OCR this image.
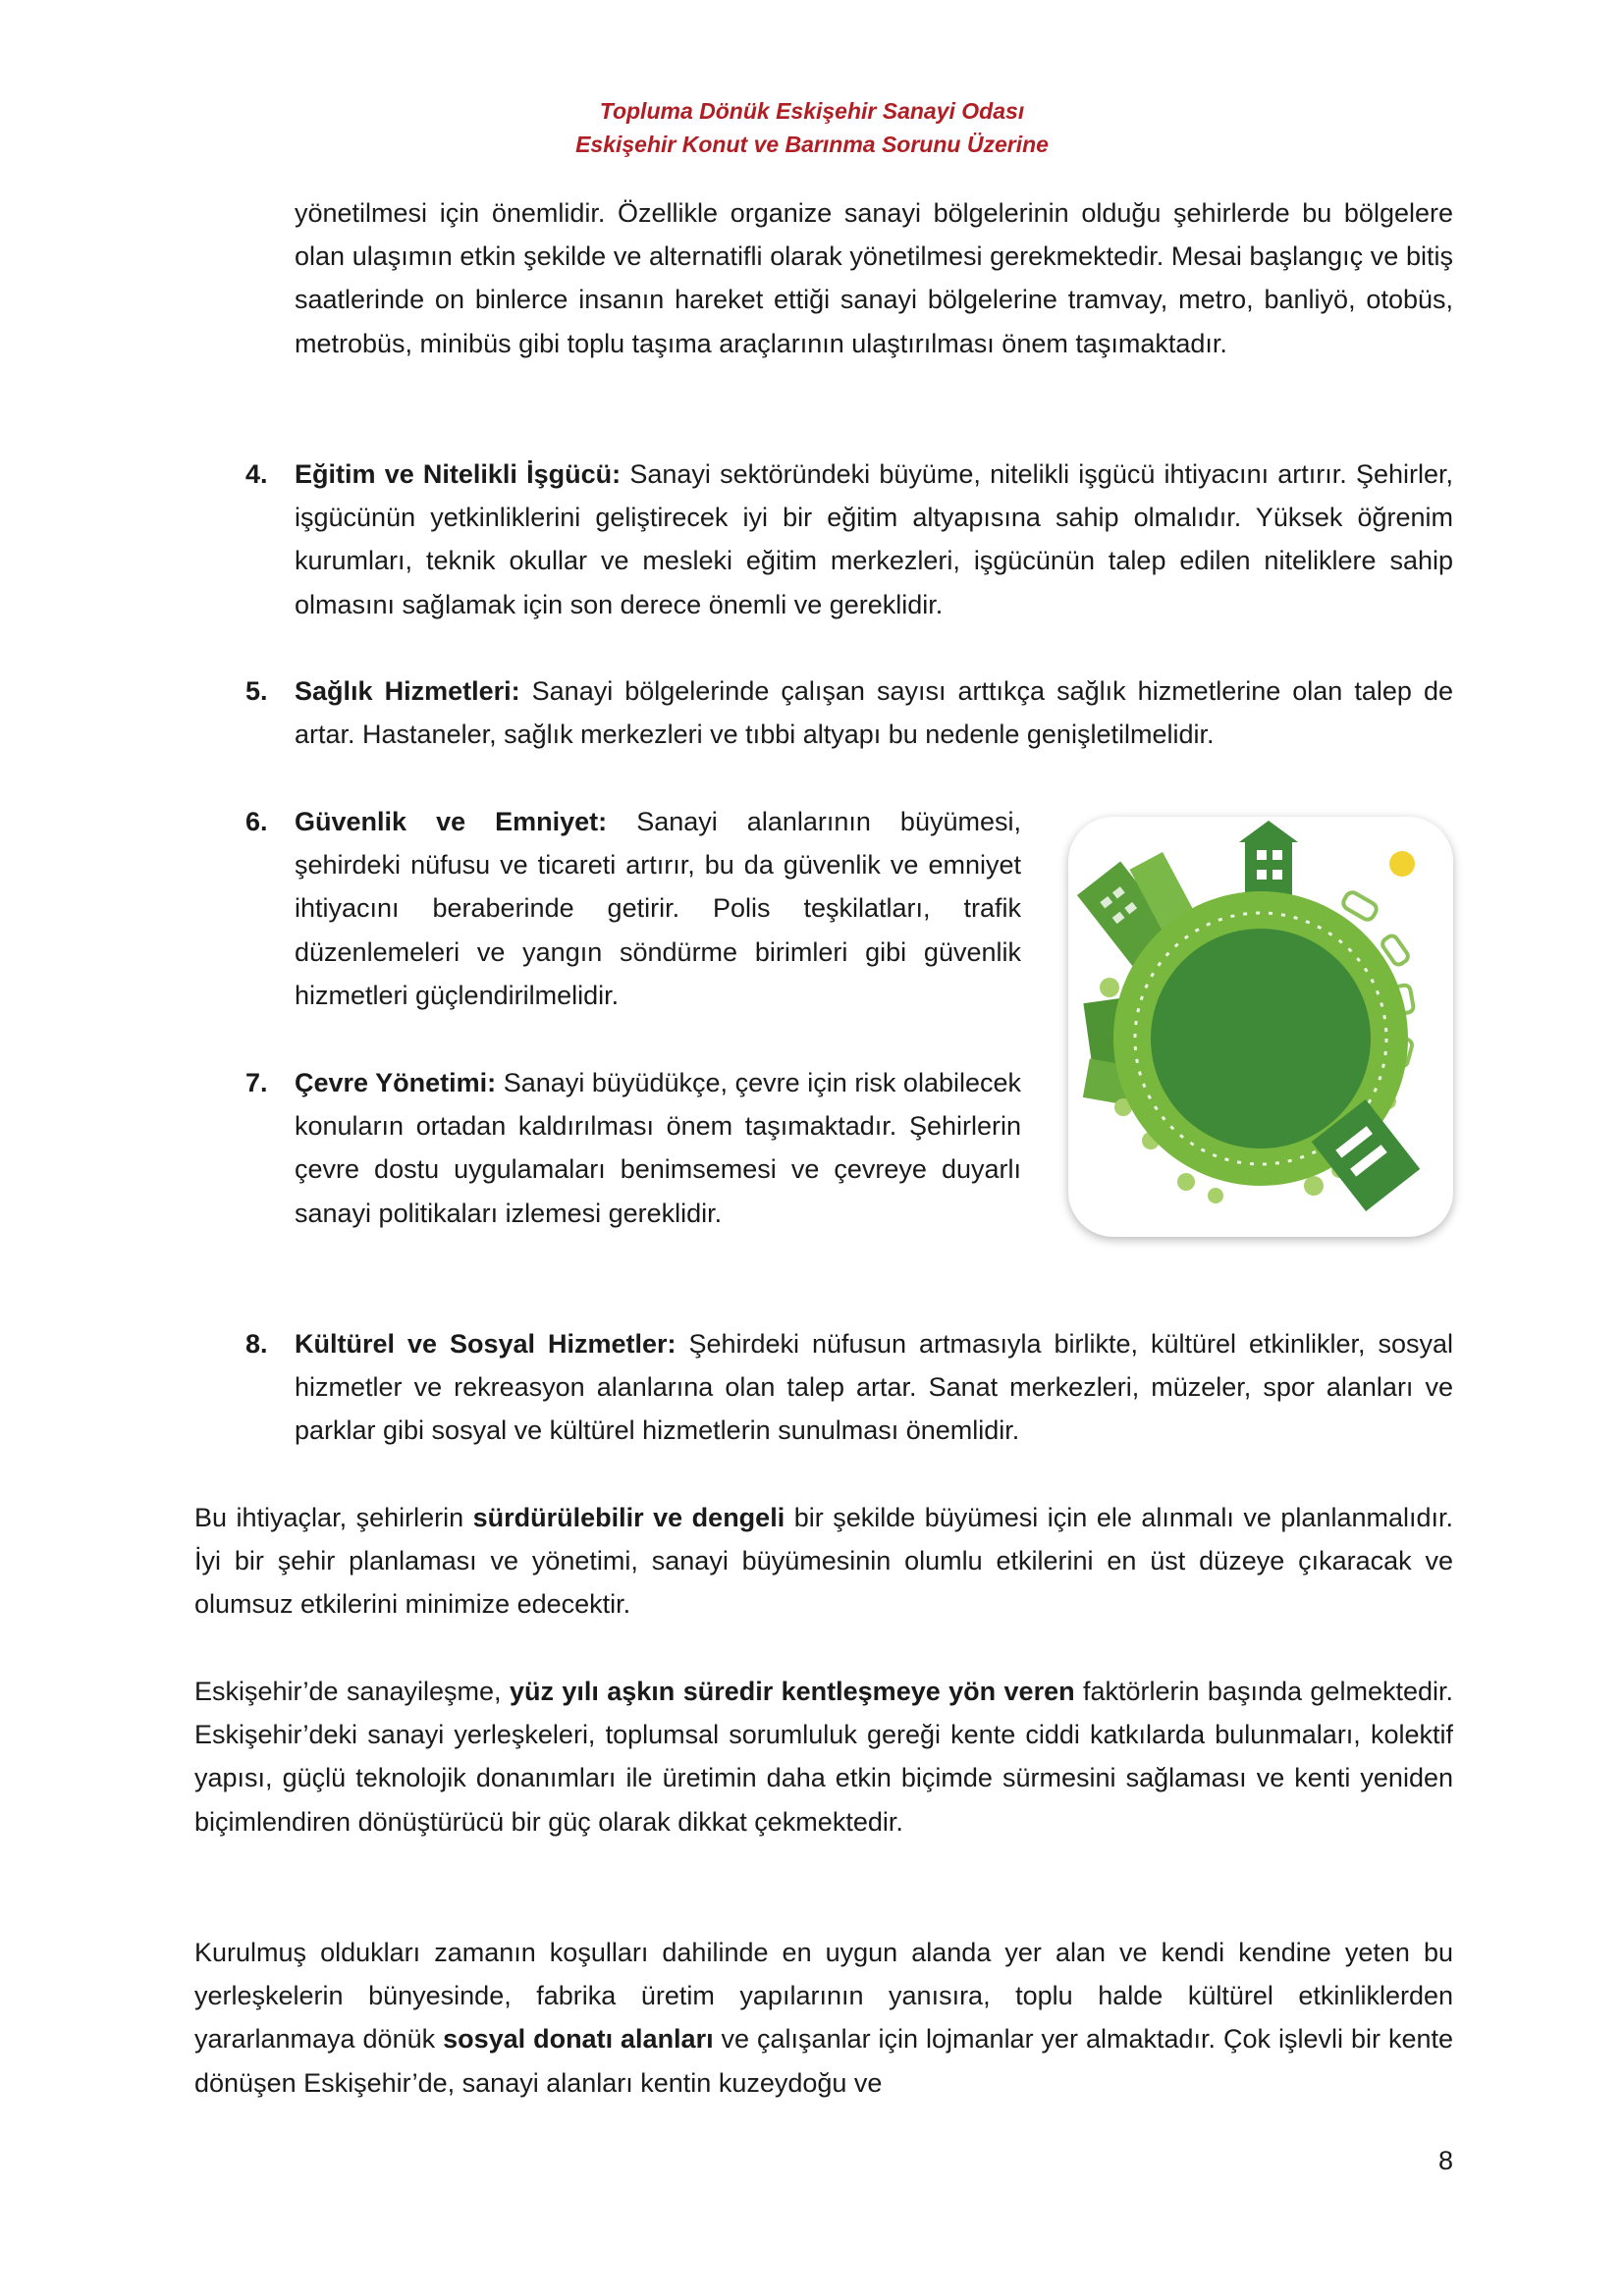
Topluma Dönük Eskişehir Sanayi Odası
Eskişehir Konut ve Barınma Sorunu Üzerine

yönetilmesi için önemlidir. Özellikle organize sanayi bölgelerinin olduğu şehirlerde bu bölgelere olan ulaşımın etkin şekilde ve alternatifli olarak yönetilmesi gerekmektedir. Mesai başlangıç ve bitiş saatlerinde on binlerce insanın hareket ettiği sanayi bölgelerine tramvay, metro, banliyö, otobüs, metrobüs, minibüs gibi toplu taşıma araçlarının ulaştırılması önem taşımaktadır.

4. Eğitim ve Nitelikli İşgücü: Sanayi sektöründeki büyüme, nitelikli işgücü ihtiyacını artırır. Şehirler, işgücünün yetkinliklerini geliştirecek iyi bir eğitim altyapısına sahip olmalıdır. Yüksek öğrenim kurumları, teknik okullar ve mesleki eğitim merkezleri, işgücünün talep edilen niteliklere sahip olmasını sağlamak için son derece önemli ve gereklidir.
5. Sağlık Hizmetleri: Sanayi bölgelerinde çalışan sayısı arttıkça sağlık hizmetlerine olan talep de artar. Hastaneler, sağlık merkezleri ve tıbbi altyapı bu nedenle genişletilmelidir.
6. Güvenlik ve Emniyet: Sanayi alanlarının büyümesi, şehirdeki nüfusu ve ticareti artırır, bu da güvenlik ve emniyet ihtiyacını beraberinde getirir. Polis teşkilatları, trafik düzenlemeleri ve yangın söndürme birimleri gibi güvenlik hizmetleri güçlendirilmelidir.
7. Çevre Yönetimi: Sanayi büyüdükçe, çevre için risk olabilecek konuların ortadan kaldırılması önem taşımaktadır. Şehirlerin çevre dostu uygulamaları benimsemesi ve çevreye duyarlı sanayi politikaları izlemesi gereklidir.
8. Kültürel ve Sosyal Hizmetler: Şehirdeki nüfusun artmasıyla birlikte, kültürel etkinlikler, sosyal hizmetler ve rekreasyon alanlarına olan talep artar. Sanat merkezleri, müzeler, spor alanları ve parklar gibi sosyal ve kültürel hizmetlerin sunulması önemlidir.

Bu ihtiyaçlar, şehirlerin sürdürülebilir ve dengeli bir şekilde büyümesi için ele alınmalı ve planlanmalıdır. İyi bir şehir planlaması ve yönetimi, sanayi büyümesinin olumlu etkilerini en üst düzeye çıkaracak ve olumsuz etkilerini minimize edecektir.

Eskişehir’de sanayileşme, yüz yılı aşkın süredir kentleşmeye yön veren faktörlerin başında gelmektedir. Eskişehir’deki sanayi yerleşkeleri, toplumsal sorumluluk gereği kente ciddi katkılarda bulunmaları, kolektif yapısı, güçlü teknolojik donanımları ile üretimin daha etkin biçimde sürmesini sağlaması ve kenti yeniden biçimlendiren dönüştürücü bir güç olarak dikkat çekmektedir.

Kurulmuş oldukları zamanın koşulları dahilinde en uygun alanda yer alan ve kendi kendine yeten bu yerleşkelerin bünyesinde, fabrika üretim yapılarının yanısıra, toplu halde kültürel etkinliklerden yararlanmaya dönük sosyal donatı alanları ve çalışanlar için lojmanlar yer almaktadır. Çok işlevli bir kente dönüşen Eskişehir’de, sanayi alanları kentin kuzeydoğu ve

8
